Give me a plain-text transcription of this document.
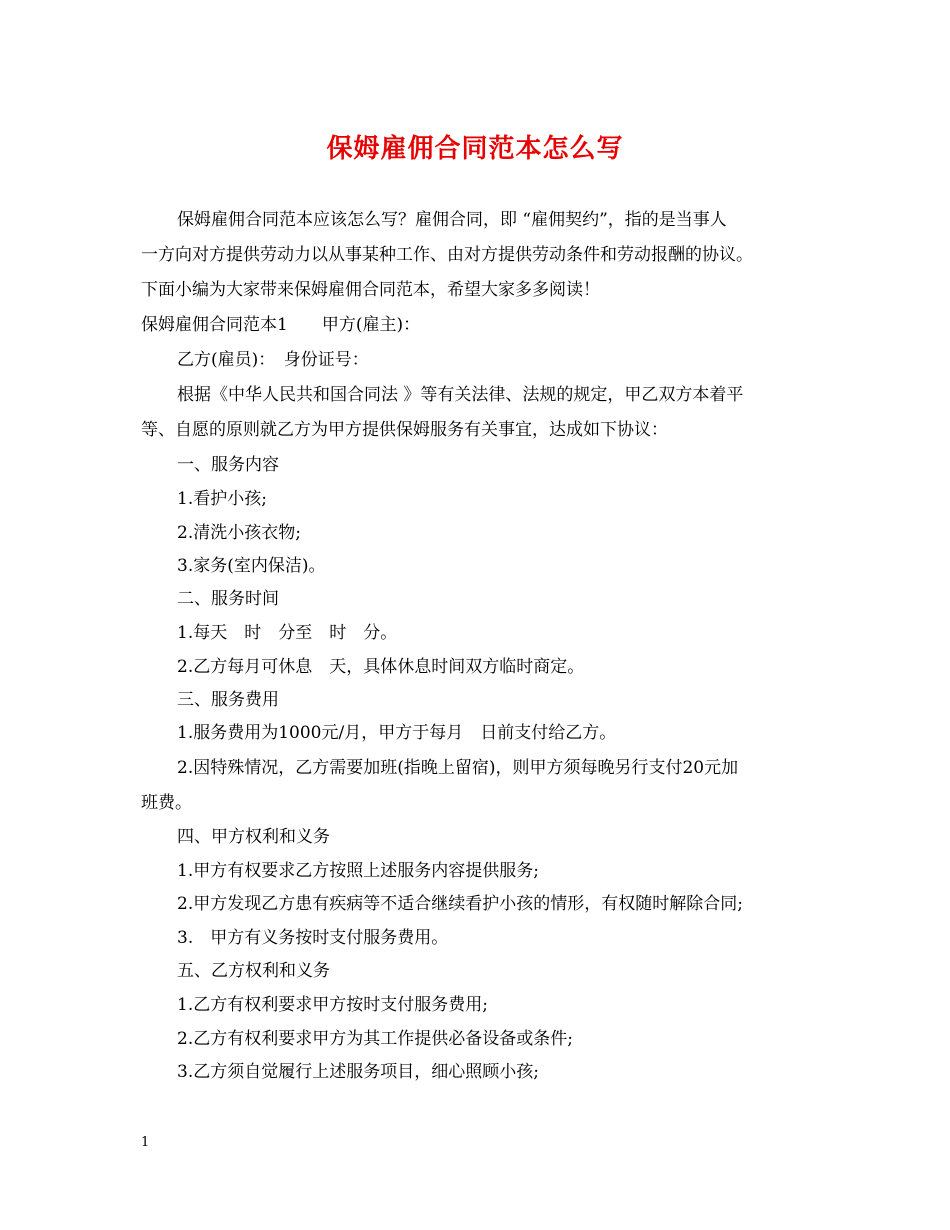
保姆雇佣合同范本怎么写
保姆雇佣合同范本应该怎么写？雇佣合同，即 “雇佣契约”，指的是当事人
一方向对方提供劳动力以从事某种工作、由对方提供劳动条件和劳动报酬的协议。
下面小编为大家带来保姆雇佣合同范本，希望大家多多阅读！
保姆雇佣合同范本1　　甲方(雇主)：
乙方(雇员)：　身份证号：
根据《中华人民共和国合同法 》等有关法律、法规的规定，甲乙双方本着平
等、自愿的原则就乙方为甲方提供保姆服务有关事宜，达成如下协议：
一、服务内容
1.看护小孩;
2.清洗小孩衣物;
3.家务(室内保洁)。
二、服务时间
1.每天　时　分至　时　分。
2.乙方每月可休息　天，具体休息时间双方临时商定。
三、服务费用
1.服务费用为1000元/月，甲方于每月　日前支付给乙方。
2.因特殊情况，乙方需要加班(指晚上留宿)，则甲方须每晚另行支付20元加
班费。
四、甲方权利和义务
1.甲方有权要求乙方按照上述服务内容提供服务;
2.甲方发现乙方患有疾病等不适合继续看护小孩的情形，有权随时解除合同;
3.　甲方有义务按时支付服务费用。
五、乙方权利和义务
1.乙方有权利要求甲方按时支付服务费用;
2.乙方有权利要求甲方为其工作提供必备设备或条件;
3.乙方须自觉履行上述服务项目，细心照顾小孩;
1
